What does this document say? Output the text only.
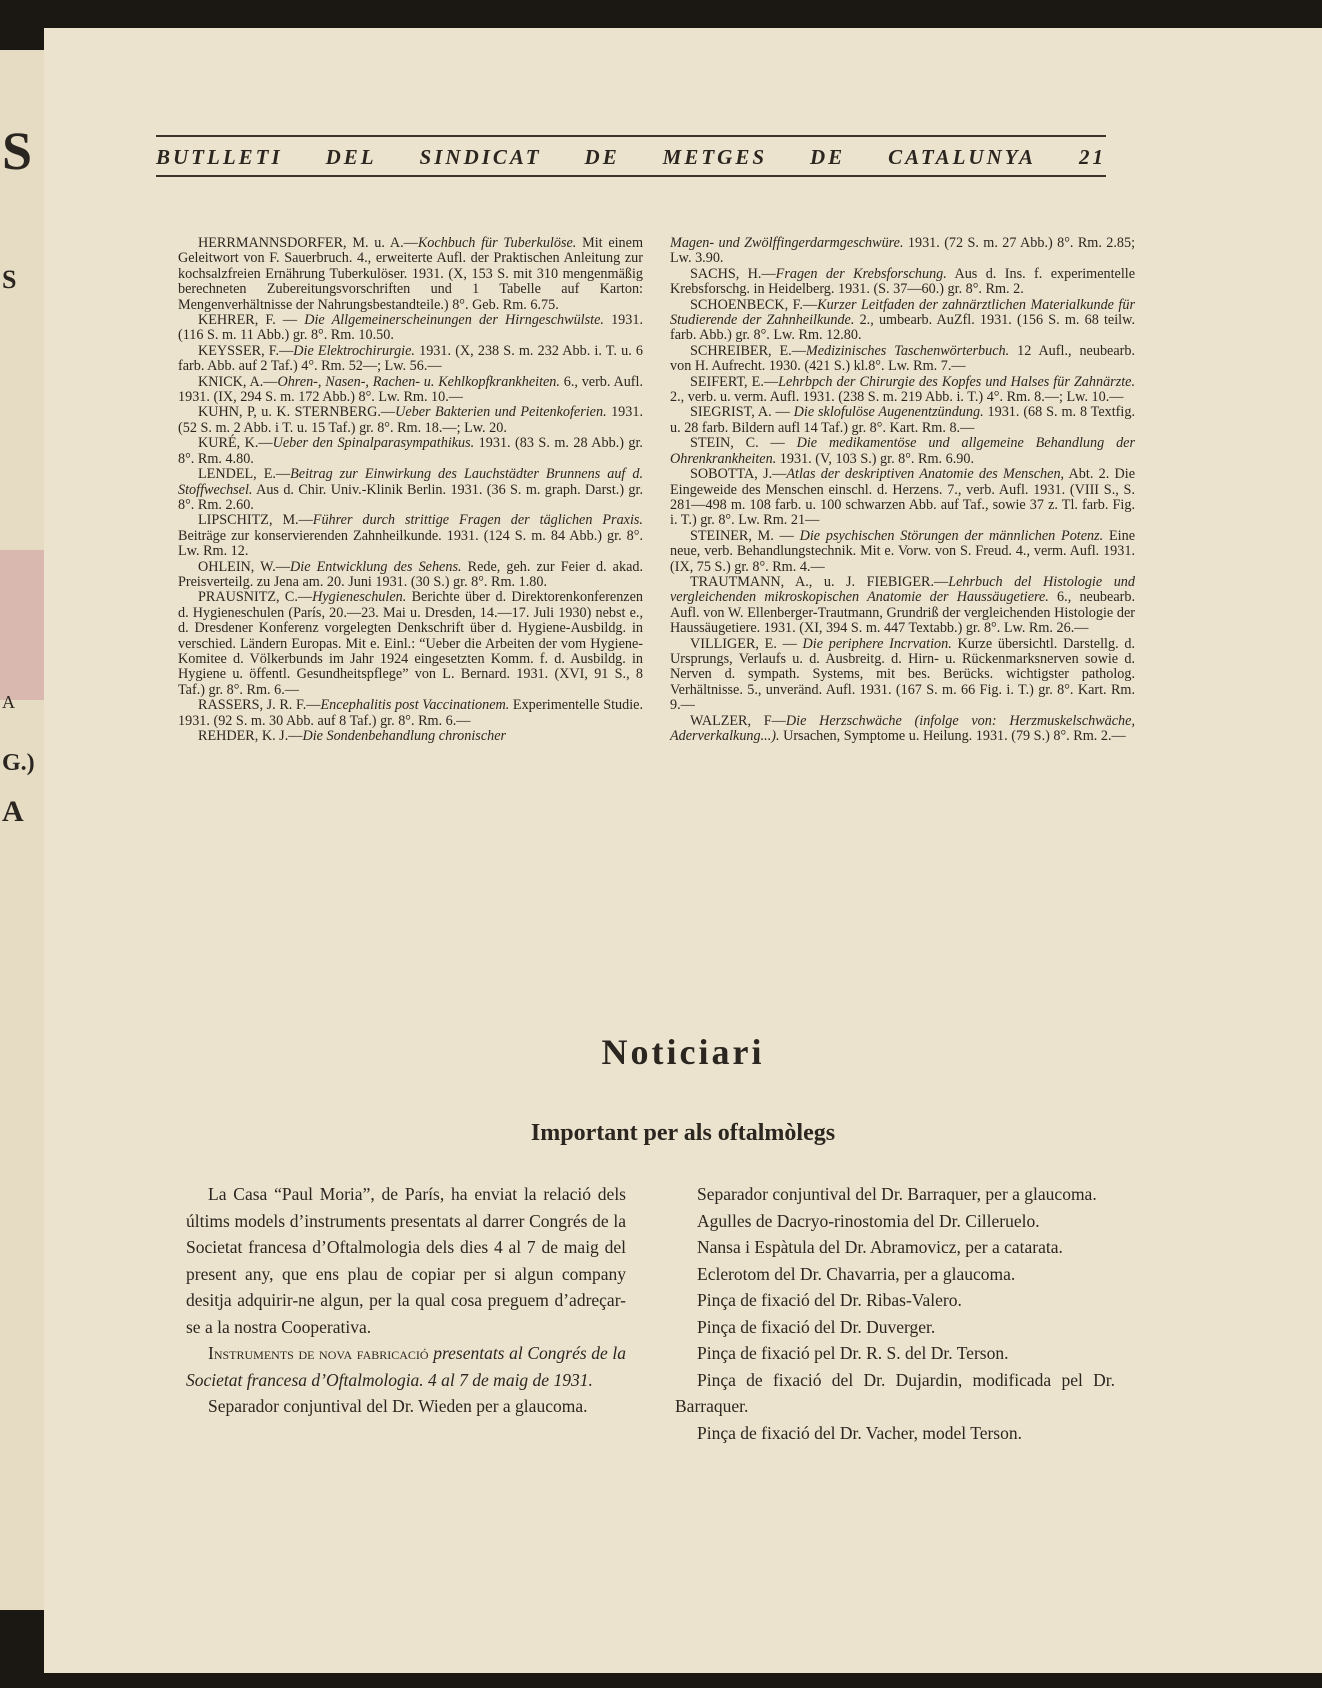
S
S
A
G.)
A
BUTLLETI DEL SINDICAT DE METGES DE CATALUNYA 21

HERRMANNSDORFER, M. u. A.—Kochbuch für Tuberkulöse. Mit einem Geleitwort von F. Sauerbruch. 4., erweiterte Aufl. der Praktischen Anleitung zur kochsalzfreien Ernährung Tuberkulöser. 1931. (X, 153 S. mit 310 mengenmäßig berechneten Zubereitungsvorschriften und 1 Tabelle auf Karton: Mengenverhältnisse der Nahrungsbestandteile.) 8°. Geb. Rm. 6.75.

KEHRER, F. — Die Allgemeinerscheinungen der Hirngeschwülste. 1931. (116 S. m. 11 Abb.) gr. 8°. Rm. 10.50.

KEYSSER, F.—Die Elektrochirurgie. 1931. (X, 238 S. m. 232 Abb. i. T. u. 6 farb. Abb. auf 2 Taf.) 4°. Rm. 52—; Lw. 56.—

KNICK, A.—Ohren-, Nasen-, Rachen- u. Kehlkopfkrankheiten. 6., verb. Aufl. 1931. (IX, 294 S. m. 172 Abb.) 8°. Lw. Rm. 10.—

KUHN, P, u. K. STERNBERG.—Ueber Bakterien und Peitenkoferien. 1931. (52 S. m. 2 Abb. i T. u. 15 Taf.) gr. 8°. Rm. 18.—; Lw. 20.

KURÉ, K.—Ueber den Spinalparasympathikus. 1931. (83 S. m. 28 Abb.) gr. 8°. Rm. 4.80.

LENDEL, E.—Beitrag zur Einwirkung des Lauchstädter Brunnens auf d. Stoffwechsel. Aus d. Chir. Univ.-Klinik Berlin. 1931. (36 S. m. graph. Darst.) gr. 8°. Rm. 2.60.

LIPSCHITZ, M.—Führer durch strittige Fragen der täglichen Praxis. Beiträge zur konservierenden Zahnheilkunde. 1931. (124 S. m. 84 Abb.) gr. 8°. Lw. Rm. 12.

OHLEIN, W.—Die Entwicklung des Sehens. Rede, geh. zur Feier d. akad. Preisverteilg. zu Jena am. 20. Juni 1931. (30 S.) gr. 8°. Rm. 1.80.

PRAUSNITZ, C.—Hygieneschulen. Berichte über d. Direktorenkonferenzen d. Hygieneschulen (París, 20.—23. Mai u. Dresden, 14.—17. Juli 1930) nebst e., d. Dresdener Konferenz vorgelegten Denkschrift über d. Hygiene-Ausbildg. in verschied. Ländern Europas. Mit e. Einl.: “Ueber die Arbeiten der vom Hygiene-Komitee d. Völkerbunds im Jahr 1924 eingesetzten Komm. f. d. Ausbildg. in Hygiene u. öffentl. Gesundheitspflege” von L. Bernard. 1931. (XVI, 91 S., 8 Taf.) gr. 8°. Rm. 6.—

RASSERS, J. R. F.—Encephalitis post Vaccinationem. Experimentelle Studie. 1931. (92 S. m. 30 Abb. auf 8 Taf.) gr. 8°. Rm. 6.—

REHDER, K. J.—Die Sondenbehandlung chronischer

Magen- und Zwölffingerdarmgeschwüre. 1931. (72 S. m. 27 Abb.) 8°. Rm. 2.85; Lw. 3.90.

SACHS, H.—Fragen der Krebsforschung. Aus d. Ins. f. experimentelle Krebsforschg. in Heidelberg. 1931. (S. 37—60.) gr. 8°. Rm. 2.

SCHOENBECK, F.—Kurzer Leitfaden der zahnärztlichen Materialkunde für Studierende der Zahnheilkunde. 2., umbearb. AuZfl. 1931. (156 S. m. 68 teilw. farb. Abb.) gr. 8°. Lw. Rm. 12.80.

SCHREIBER, E.—Medizinisches Taschenwörterbuch. 12 Aufl., neubearb. von H. Aufrecht. 1930. (421 S.) kl.8°. Lw. Rm. 7.—

SEIFERT, E.—Lehrbpch der Chirurgie des Kopfes und Halses für Zahnärzte. 2., verb. u. verm. Aufl. 1931. (238 S. m. 219 Abb. i. T.) 4°. Rm. 8.—; Lw. 10.—

SIEGRIST, A. — Die sklofulöse Augenentzündung. 1931. (68 S. m. 8 Textfig. u. 28 farb. Bildern aufl 14 Taf.) gr. 8°. Kart. Rm. 8.—

STEIN, C. — Die medikamentöse und allgemeine Behandlung der Ohrenkrankheiten. 1931. (V, 103 S.) gr. 8°. Rm. 6.90.

SOBOTTA, J.—Atlas der deskriptiven Anatomie des Menschen, Abt. 2. Die Eingeweide des Menschen einschl. d. Herzens. 7., verb. Aufl. 1931. (VIII S., S. 281—498 m. 108 farb. u. 100 schwarzen Abb. auf Taf., sowie 37 z. Tl. farb. Fig. i. T.) gr. 8°. Lw. Rm. 21—

STEINER, M. — Die psychischen Störungen der männlichen Potenz. Eine neue, verb. Behandlungstechnik. Mit e. Vorw. von S. Freud. 4., verm. Aufl. 1931. (IX, 75 S.) gr. 8°. Rm. 4.—

TRAUTMANN, A., u. J. FIEBIGER.—Lehrbuch del Histologie und vergleichenden mikroskopischen Anatomie der Haussäugetiere. 6., neubearb. Aufl. von W. Ellenberger-Trautmann, Grundriß der vergleichenden Histologie der Haussäugetiere. 1931. (XI, 394 S. m. 447 Textabb.) gr. 8°. Lw. Rm. 26.—

VILLIGER, E. — Die periphere Incrvation. Kurze übersichtl. Darstellg. d. Ursprungs, Verlaufs u. d. Ausbreitg. d. Hirn- u. Rückenmarksnerven sowie d. Nerven d. sympath. Systems, mit bes. Berücks. wichtigster patholog. Verhältnisse. 5., unveränd. Aufl. 1931. (167 S. m. 66 Fig. i. T.) gr. 8°. Kart. Rm. 9.—

WALZER, F—Die Herzschwäche (infolge von: Herzmuskelschwäche, Aderverkalkung...). Ursachen, Symptome u. Heilung. 1931. (79 S.) 8°. Rm. 2.—

Noticiari
Important per als oftalmòlegs

La Casa “Paul Moria”, de París, ha enviat la relació dels últims models d’instruments presentats al darrer Congrés de la Societat francesa d’Oftalmologia dels dies 4 al 7 de maig del present any, que ens plau de copiar per si algun company desitja adquirir-ne algun, per la qual cosa preguem d’adreçar-se a la nostra Cooperativa.

Instruments de nova fabricació presentats al Congrés de la Societat francesa d’Oftalmologia. 4 al 7 de maig de 1931.

Separador conjuntival del Dr. Wieden per a glaucoma.

Separador conjuntival del Dr. Barraquer, per a glaucoma.

Agulles de Dacryo-rinostomia del Dr. Cilleruelo.

Nansa i Espàtula del Dr. Abramovicz, per a catarata.

Eclerotom del Dr. Chavarria, per a glaucoma.

Pinça de fixació del Dr. Ribas-Valero.

Pinça de fixació del Dr. Duverger.

Pinça de fixació pel Dr. R. S. del Dr. Terson.

Pinça de fixació del Dr. Dujardin, modificada pel Dr. Barraquer.

Pinça de fixació del Dr. Vacher, model Terson.
